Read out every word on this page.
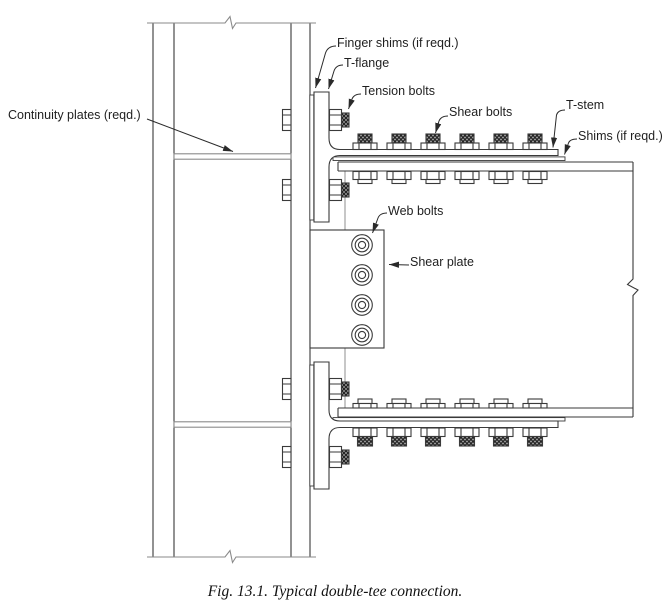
Continuity plates (reqd.)
Finger shims (if reqd.)
T-flange
Tension bolts
Shear bolts	T-stem
Shims (if reqd.)
Web bolts
Shear plate
Fig. 13.1. Typical double-tee connection.
